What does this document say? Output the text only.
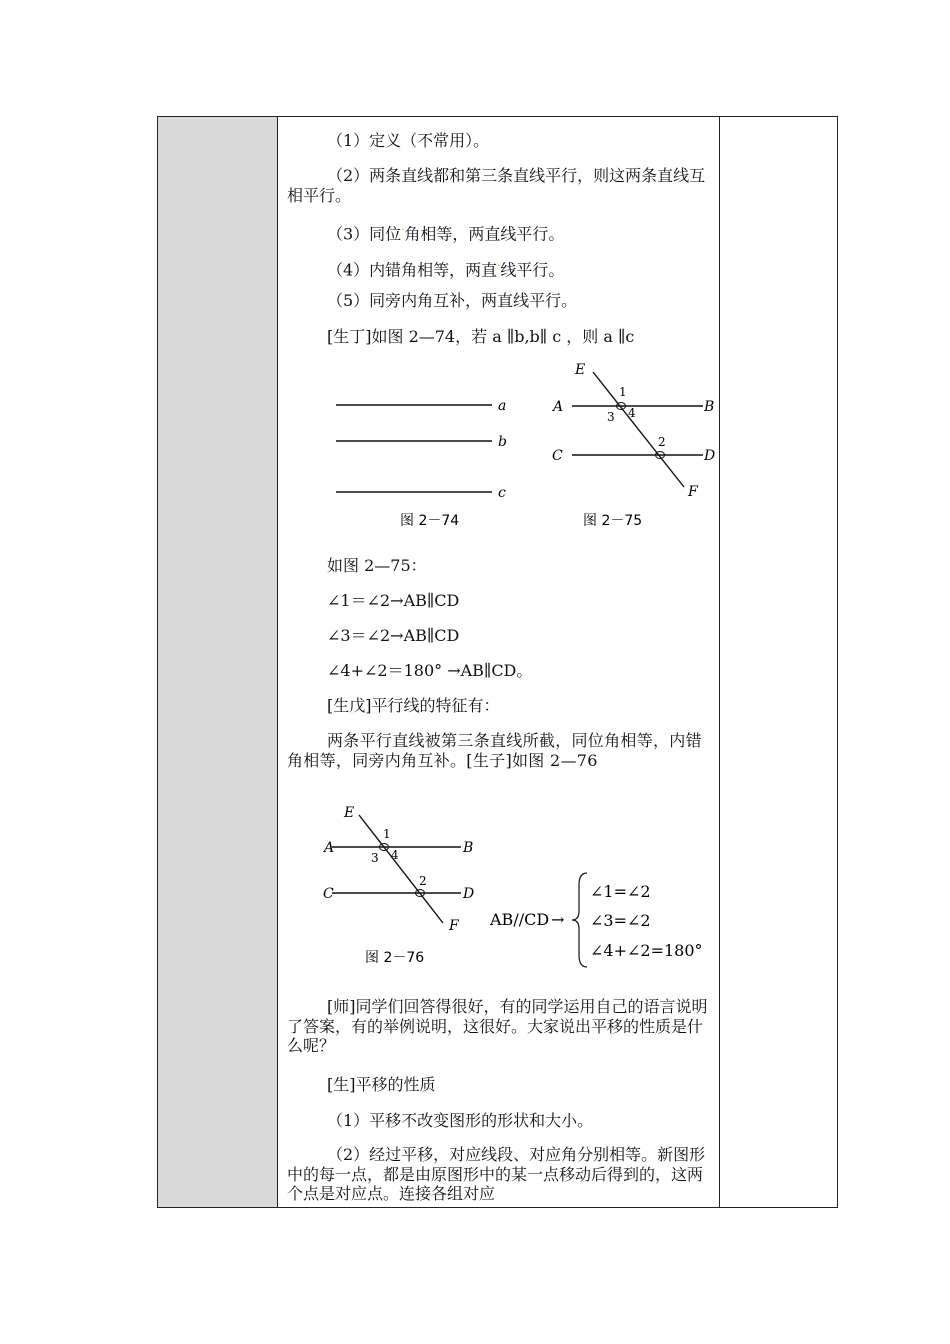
（1）定义（不常用）。

（2）两条直线都和第三条直线平行，则这两条直线互相平行。

（3）同位·角相等，两直线平行。

（4）内错角相等，两直·线平行。

（5）同旁内角互补，两直线平行。

[生丁]如图 2—74，若 a ∥b,b∥ c ，则 a ∥c

a
b
c
图 2－74
E
A	B
C	D
F
1
3 4
2
图 2－75

如图 2—75：

∠1＝∠2→AB∥CD

∠3＝∠2→AB∥CD

∠4+∠2＝180° →AB∥CD。

[生戊]平行线的特征有：

两条平行直线被第三条直线所截，同位角相等，内错角相等，同旁内角互补。[生子]如图 2—76

E
A	B
C	D
F
1
3 4
2
图 2－76
AB//CD →
∠1=∠2
∠3=∠2
∠4+∠2=180°

[师]同学们回答得很好，有的同学运用自己的语言说明了答案，有的举例说明，这很好。大家说出平移的性质是什么呢？

[生]平移的性质

（1）平移不改变图形的形状和大小。

（2）经过平移，对应线段、对应角分别相等。新图形中的每一点，都是由原图形中的某一点移动后得到的，这两个点是对应点。连接各组对应
